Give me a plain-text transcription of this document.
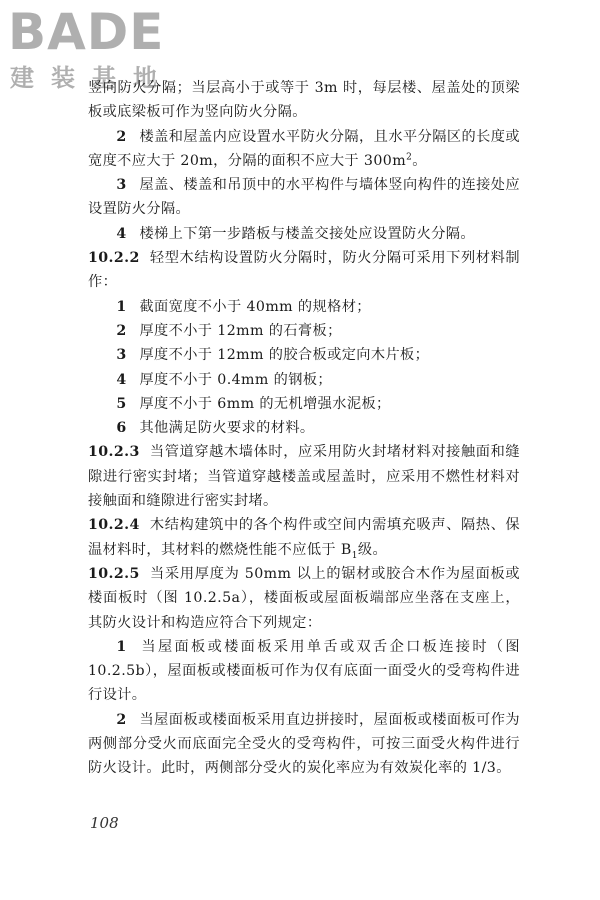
BADE
建装基地

竖向防火分隔；当层高小于或等于 3m 时，每层楼、屋盖处的顶梁板或底梁板可作为竖向防火分隔。

2 楼盖和屋盖内应设置水平防火分隔，且水平分隔区的长度或宽度不应大于 20m，分隔的面积不应大于 $300m^2$。

3 屋盖、楼盖和吊顶中的水平构件与墙体竖向构件的连接处应设置防火分隔。

4 楼梯上下第一步踏板与楼盖交接处应设置防火分隔。

10.2.2 轻型木结构设置防火分隔时，防火分隔可采用下列材料制作：

1 截面宽度不小于 40mm 的规格材；

2 厚度不小于 12mm 的石膏板；

3 厚度不小于 12mm 的胶合板或定向木片板；

4 厚度不小于 0.4mm 的钢板；

5 厚度不小于 6mm 的无机增强水泥板；

6 其他满足防火要求的材料。

10.2.3 当管道穿越木墙体时，应采用防火封堵材料对接触面和缝隙进行密实封堵；当管道穿越楼盖或屋盖时，应采用不燃性材料对接触面和缝隙进行密实封堵。

10.2.4 木结构建筑中的各个构件或空间内需填充吸声、隔热、保温材料时，其材料的燃烧性能不应低于 $B_1$级。

10.2.5 当采用厚度为 50mm 以上的锯材或胶合木作为屋面板或楼面板时（图 10.2.5a），楼面板或屋面板端部应坐落在支座上，其防火设计和构造应符合下列规定：

1 当屋面板或楼面板采用单舌或双舌企口板连接时（图 10.2.5b），屋面板或楼面板可作为仅有底面一面受火的受弯构件进行设计。

2 当屋面板或楼面板采用直边拼接时，屋面板或楼面板可作为两侧部分受火而底面完全受火的受弯构件，可按三面受火构件进行防火设计。此时，两侧部分受火的炭化率应为有效炭化率的 1/3。

108
